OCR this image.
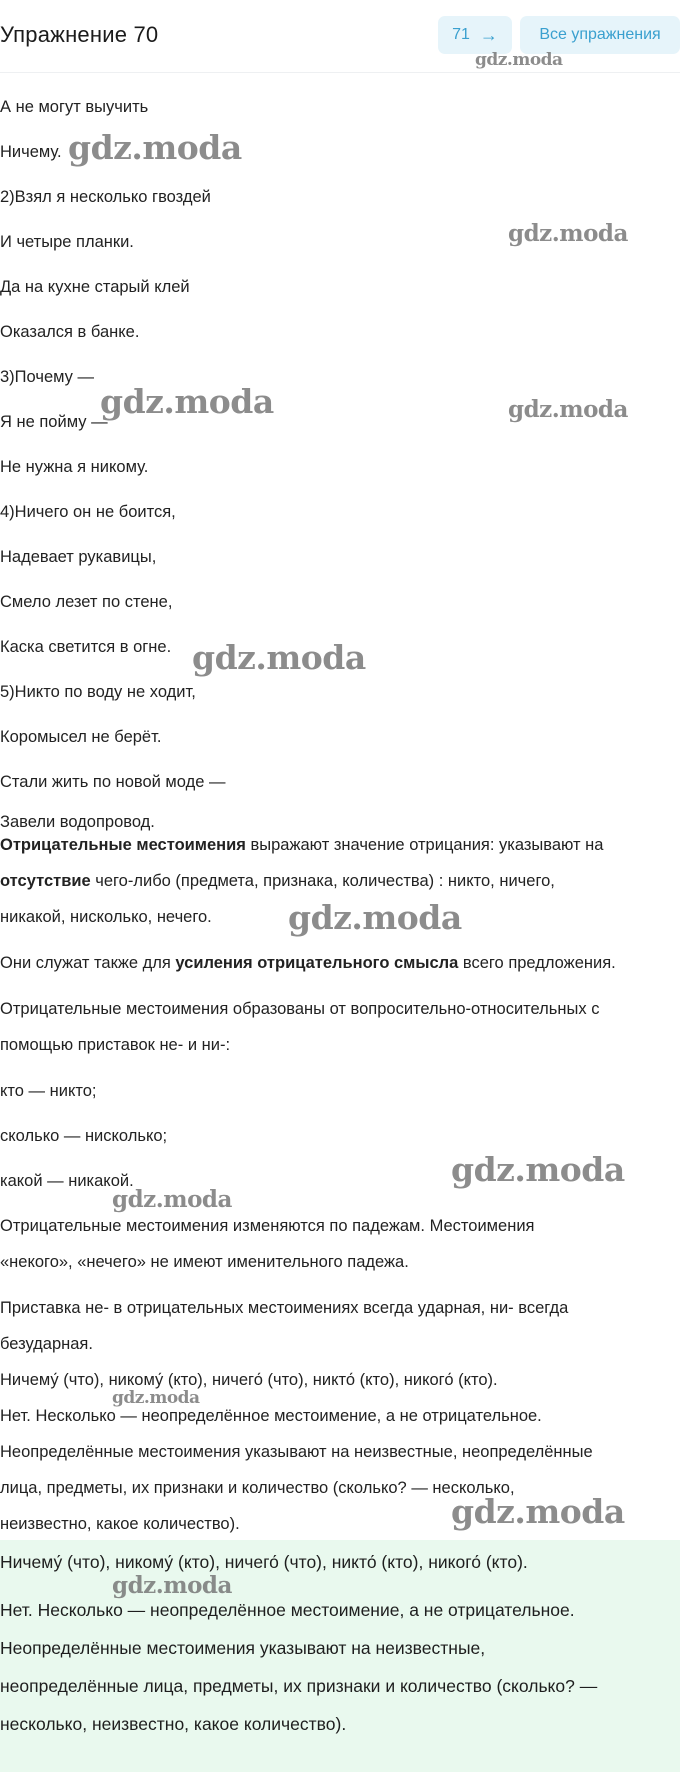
Упражнение 70	71 →	Все упражнения
А не могут выучить
Ничему.
2)Взял я несколько гвоздей
И четыре планки.
Да на кухне старый клей
Оказался в банке.
3)Почему —
Я не пойму —
Не нужна я никому.
4)Ничего он не боится,
Надевает рукавицы,
Смело лезет по стене,
Каска светится в огне.
5)Никто по воду не ходит,
Коромысел не берёт.
Стали жить по новой моде —
Завели водопровод.
Отрицательные местоимения выражают значение отрицания: указывают на
отсутствие чего-либо (предмета, признака, количества) : никто, ничего,
никакой, нисколько, нечего.
Они служат также для усиления отрицательного смысла всего предложения.
Отрицательные местоимения образованы от вопросительно-относительных с
помощью приставок не- и ни-:
кто — никто;
сколько — нисколько;
какой — никакой.
Отрицательные местоимения изменяются по падежам. Местоимения
«некого», «нечего» не имеют именительного падежа.
Приставка не- в отрицательных местоимениях всегда ударная, ни- всегда
безударная.
Ничему́ (что), никому́ (кто), ничего́ (что), никто́ (кто), никого́ (кто).
Нет. Несколько — неопределённое местоимение, а не отрицательное.
Неопределённые местоимения указывают на неизвестные, неопределённые
лица, предметы, их признаки и количество (сколько? — несколько,
неизвестно, какое количество).
Ничему́ (что), никому́ (кто), ничего́ (что), никто́ (кто), никого́ (кто).
Нет. Несколько — неопределённое местоимение, а не отрицательное.
Неопределённые местоимения указывают на неизвестные,
неопределённые лица, предметы, их признаки и количество (сколько? —
несколько, неизвестно, какое количество).
gdz.moda
gdz.moda
gdz.moda
gdz.moda	gdz.moda
gdz.moda
gdz.moda
gdz.moda
gdz.moda
gdz.moda
gdz.moda
gdz.moda
